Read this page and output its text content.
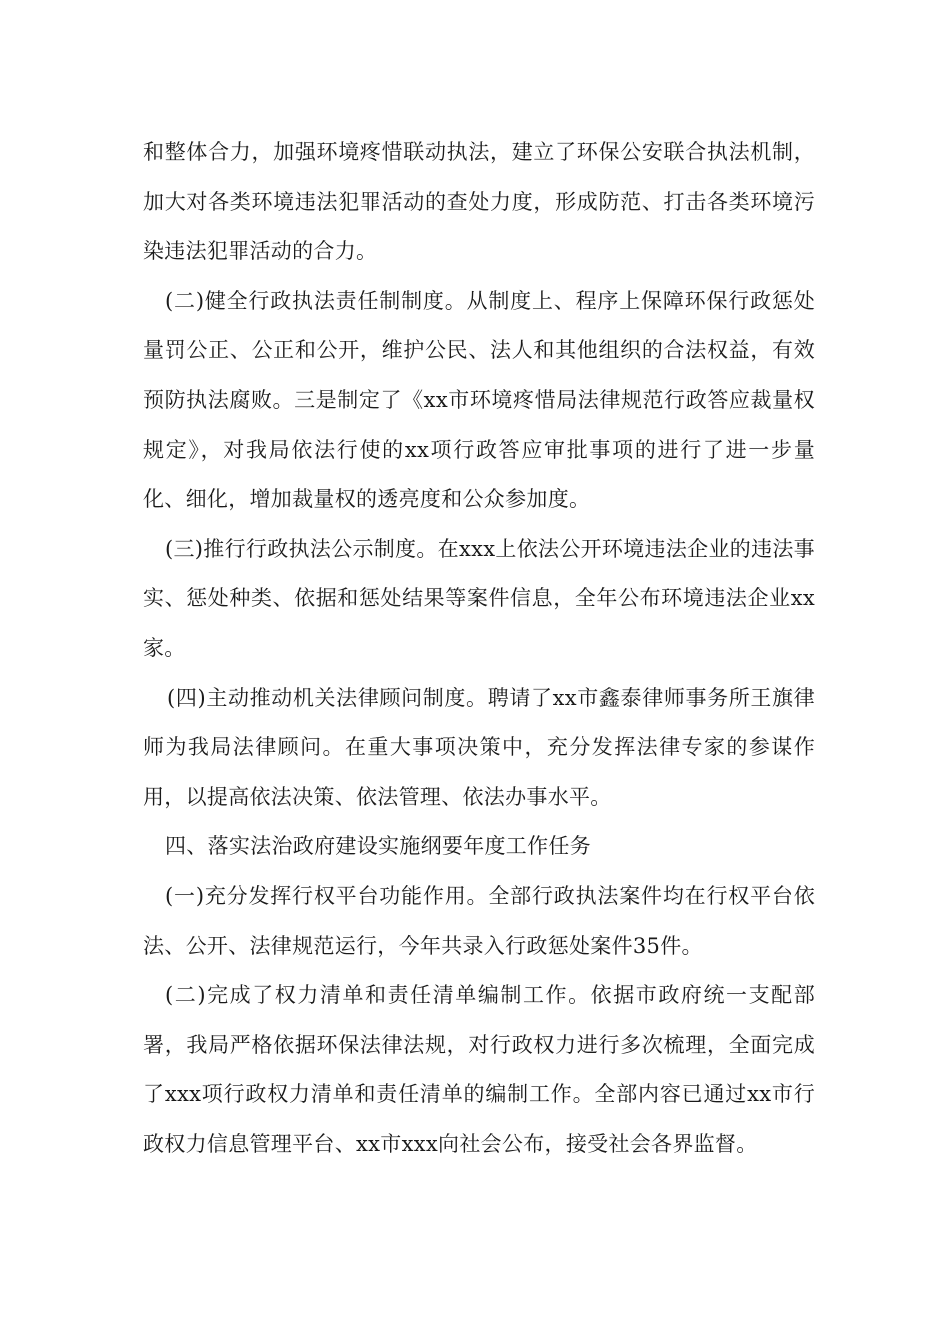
和整体合力，加强环境疼惜联动执法，建立了环保公安联合执法机制，加大对各类环境违法犯罪活动的查处力度，形成防范、打击各类环境污染违法犯罪活动的合力。

(二)健全行政执法责任制制度。从制度上、程序上保障环保行政惩处量罚公正、公正和公开，维护公民、法人和其他组织的合法权益，有效预防执法腐败。三是制定了《xx市环境疼惜局法律规范行政答应裁量权规定》，对我局依法行使的xx项行政答应审批事项的进行了进一步量化、细化，增加裁量权的透亮度和公众参加度。

(三)推行行政执法公示制度。在xxx上依法公开环境违法企业的违法事实、惩处种类、依据和惩处结果等案件信息，全年公布环境违法企业xx家。

(四)主动推动机关法律顾问制度。聘请了xx市鑫泰律师事务所王旗律师为我局法律顾问。在重大事项决策中，充分发挥法律专家的参谋作用，以提高依法决策、依法管理、依法办事水平。

四、落实法治政府建设实施纲要年度工作任务

(一)充分发挥行权平台功能作用。全部行政执法案件均在行权平台依法、公开、法律规范运行，今年共录入行政惩处案件35件。

(二)完成了权力清单和责任清单编制工作。依据市政府统一支配部署，我局严格依据环保法律法规，对行政权力进行多次梳理，全面完成了xxx项行政权力清单和责任清单的编制工作。全部内容已通过xx市行政权力信息管理平台、xx市xxx向社会公布，接受社会各界监督。
